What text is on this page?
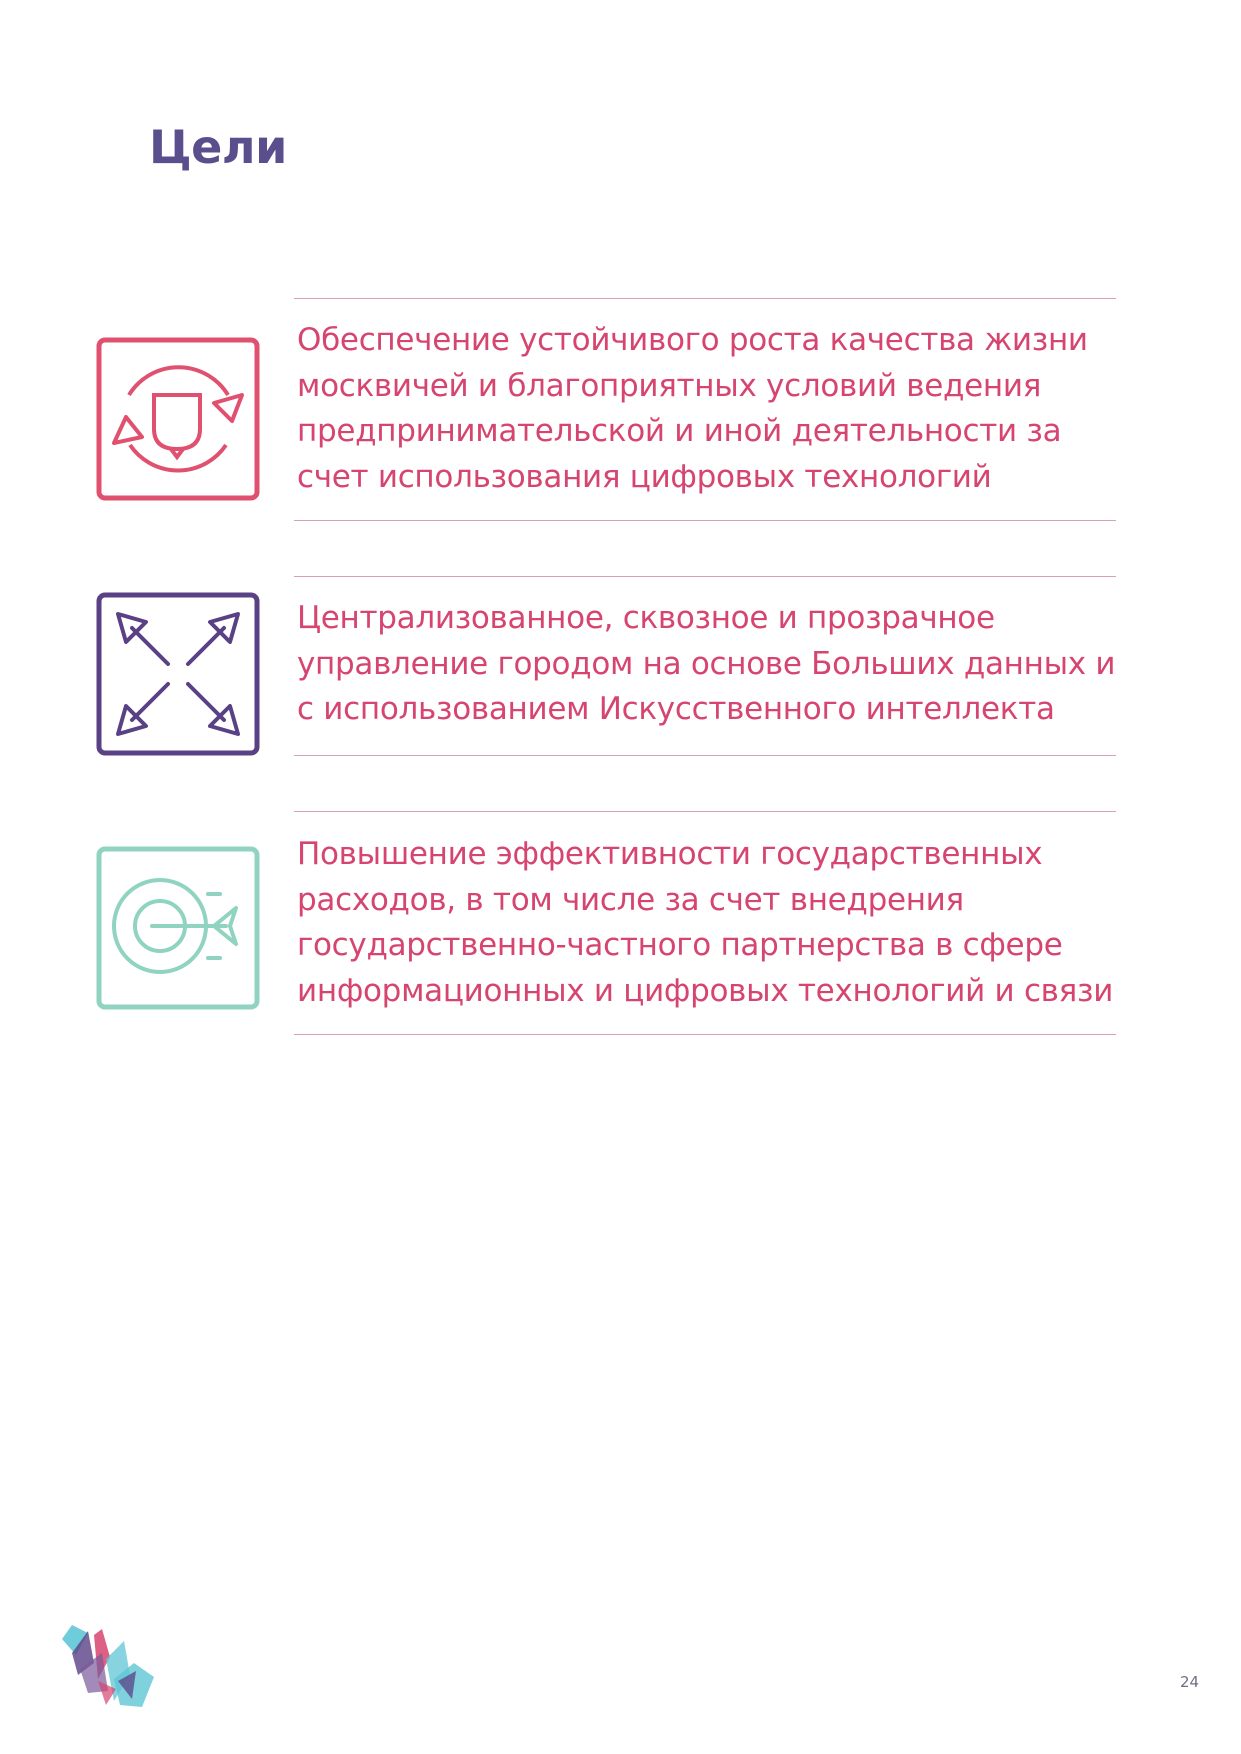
Цели
Обеспечение устойчивого роста качества жизни москвичей и благоприятных условий ведения предпринимательской и иной деятельности за счет использования цифровых технологий
Централизованное, сквозное и прозрачное управление городом на основе Больших данных и с использованием Искусственного интеллекта
Повышение эффективности государственных расходов, в том числе за счет внедрения государственно-частного партнерства в сфере информационных и цифровых технологий и связи
24
